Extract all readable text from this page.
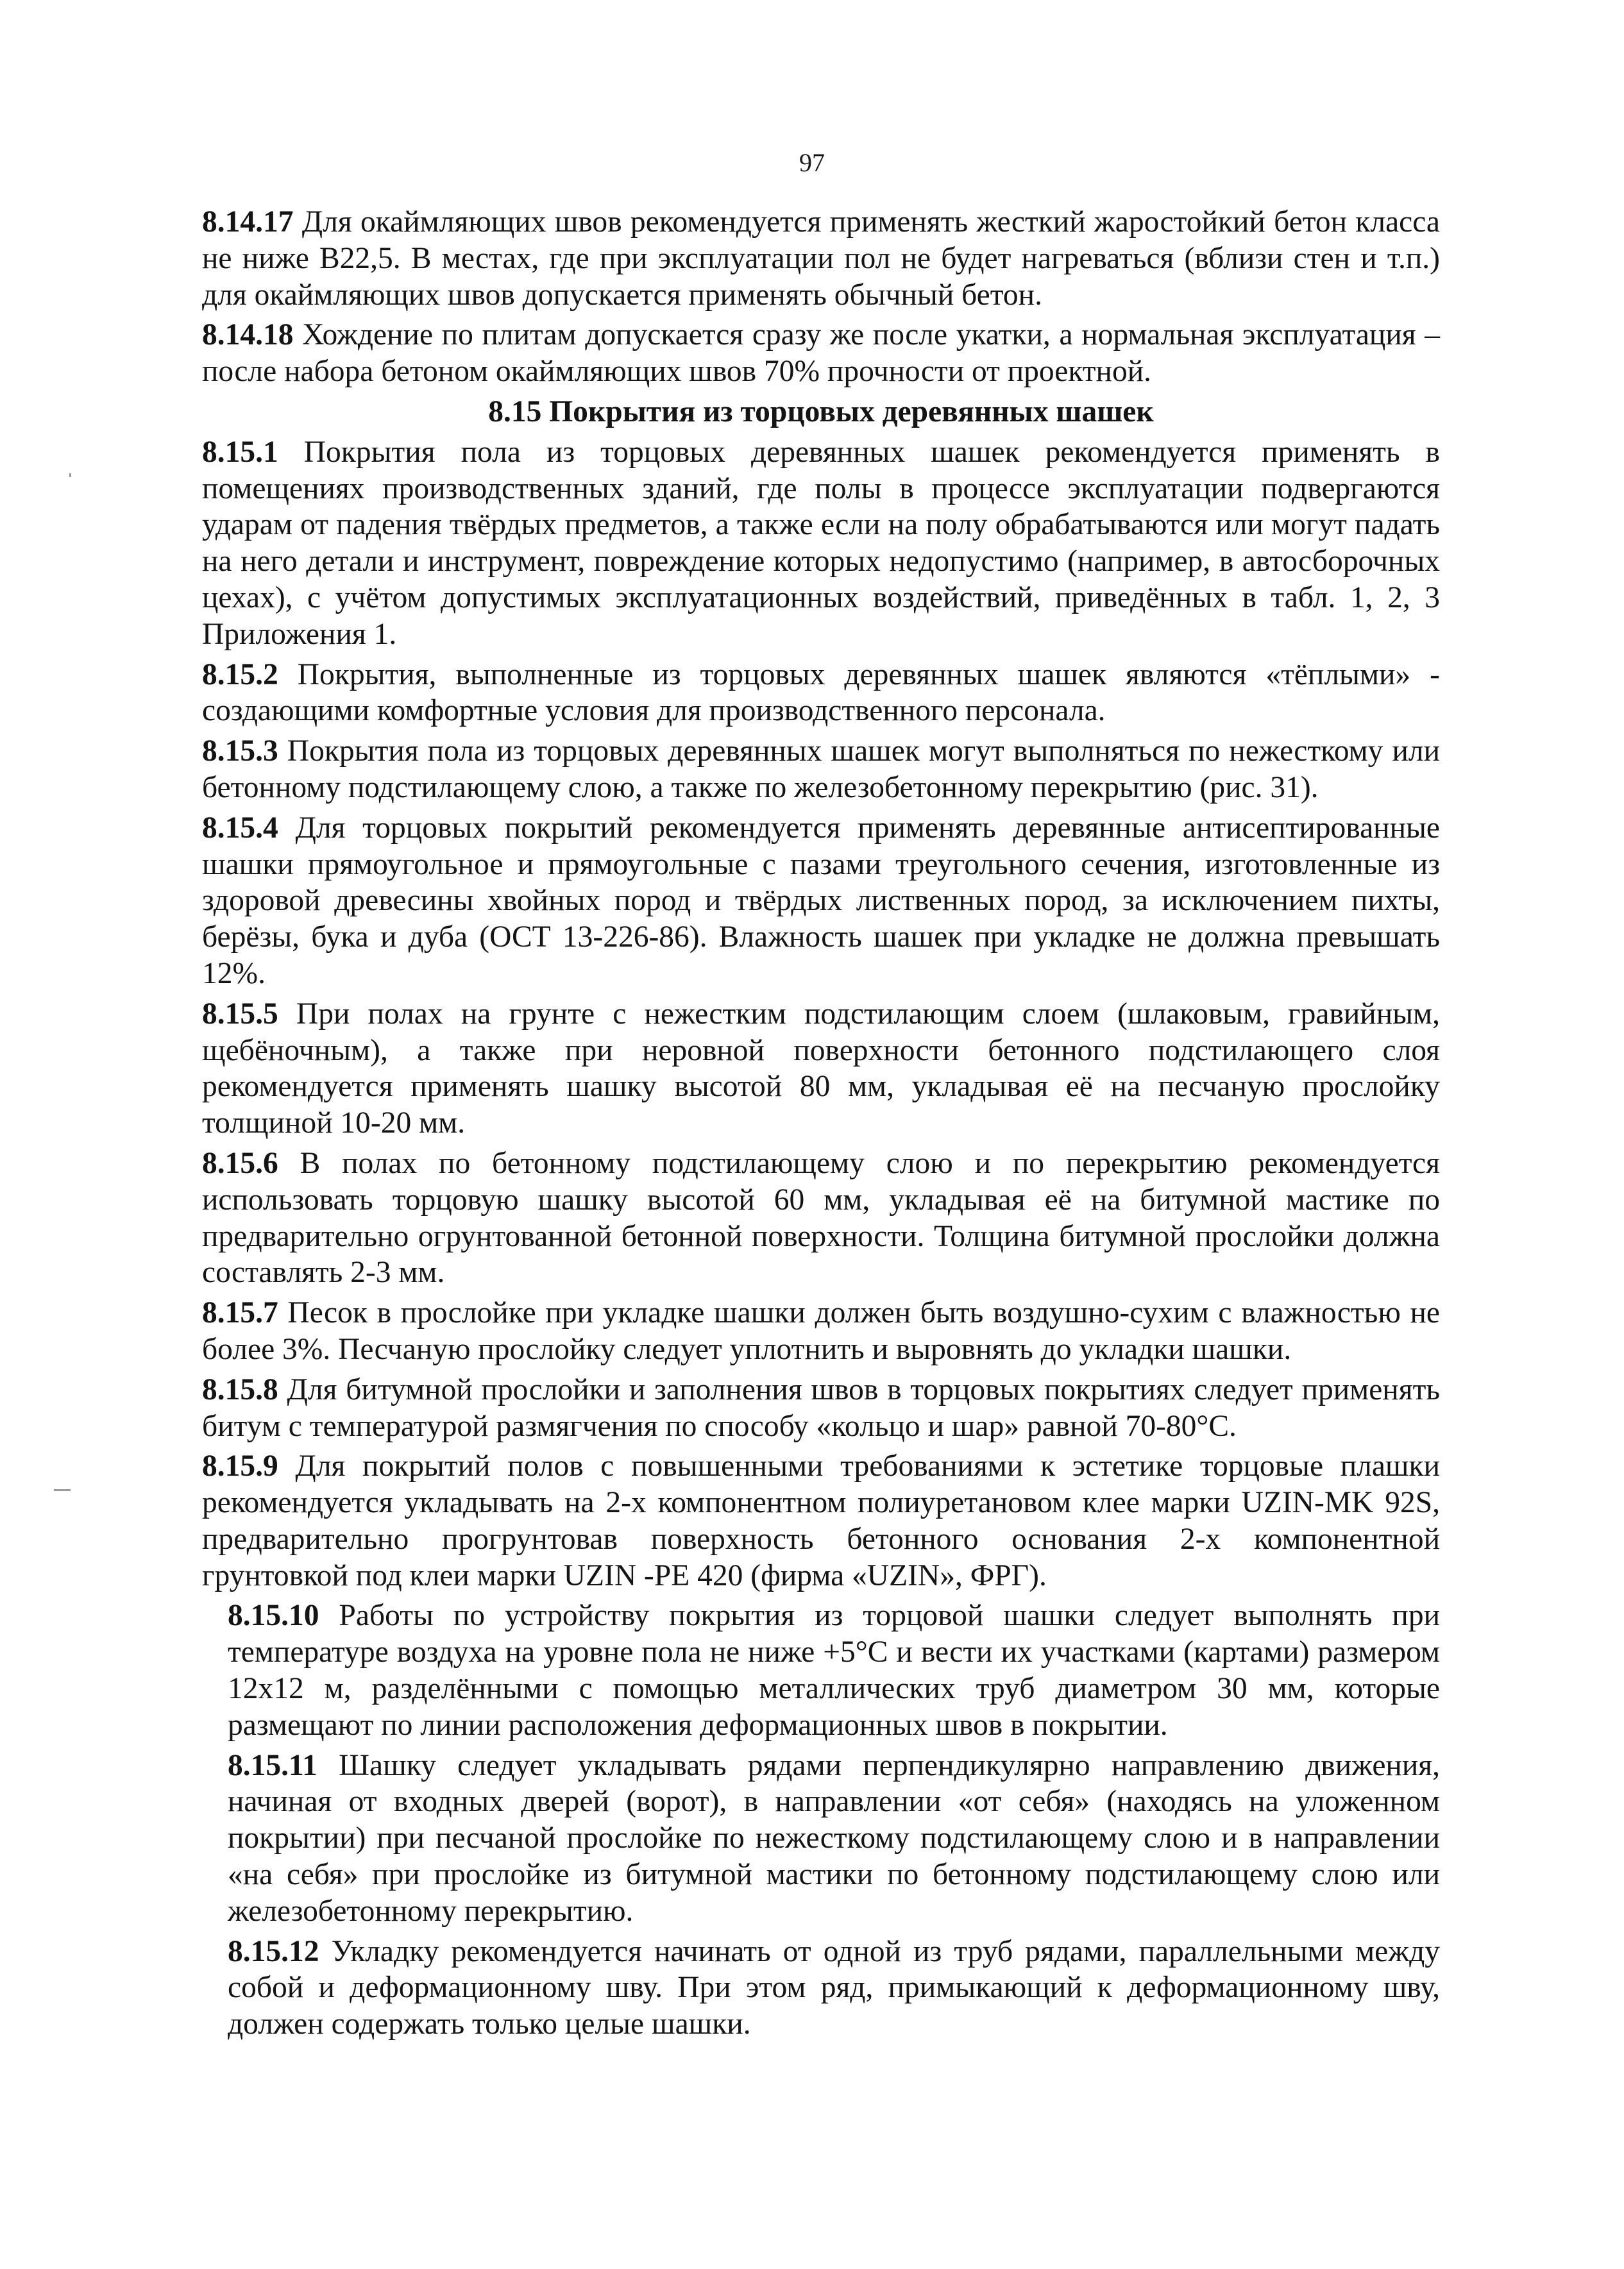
97

8.14.17 Для окаймляющих швов рекомендуется применять жесткий жаростойкий бетон класса не ниже В22,5. В местах, где при эксплуатации пол не будет нагреваться (вблизи стен и т.п.) для окаймляющих швов допускается применять обычный бетон.

8.14.18 Хождение по плитам допускается сразу же после укатки, а нормальная эксплуатация – после набора бетоном окаймляющих швов 70% прочности от проектной.

8.15 Покрытия из торцовых деревянных шашек

8.15.1 Покрытия пола из торцовых деревянных шашек рекомендуется применять в помещениях производственных зданий, где полы в процессе эксплуатации подвергаются ударам от падения твёрдых предметов, а также если на полу обрабатываются или могут падать на него детали и инструмент, повреждение которых недопустимо (например, в автосборочных цехах), с учётом допустимых эксплуатационных воздействий, приведённых в табл. 1, 2, 3 Приложения 1.

8.15.2 Покрытия, выполненные из торцовых деревянных шашек являются «тёплыми» - создающими комфортные условия для производственного персонала.

8.15.3 Покрытия пола из торцовых деревянных шашек могут выполняться по нежесткому или бетонному подстилающему слою, а также по железобетонному перекрытию (рис. 31).

8.15.4 Для торцовых покрытий рекомендуется применять деревянные антисептированные шашки прямоугольное и прямоугольные с пазами треугольного сечения, изготовленные из здоровой древесины хвойных пород и твёрдых лиственных пород, за исключением пихты, берёзы, бука и дуба (ОСТ 13-226-86). Влажность шашек при укладке не должна превышать 12%.

8.15.5 При полах на грунте с нежестким подстилающим слоем (шлаковым, гравийным, щебёночным), а также при неровной поверхности бетонного подстилающего слоя рекомендуется применять шашку высотой 80 мм, укладывая её на песчаную прослойку толщиной 10-20 мм.

8.15.6 В полах по бетонному подстилающему слою и по перекрытию рекомендуется использовать торцовую шашку высотой 60 мм, укладывая её на битумной мастике по предварительно огрунтованной бетонной поверхности. Толщина битумной прослойки должна составлять 2-3 мм.

8.15.7 Песок в прослойке при укладке шашки должен быть воздушно-сухим с влажностью не более 3%. Песчаную прослойку следует уплотнить и выровнять до укладки шашки.

8.15.8 Для битумной прослойки и заполнения швов в торцовых покрытиях следует применять битум с температурой размягчения по способу «кольцо и шар» равной 70-80°С.

8.15.9 Для покрытий полов с повышенными требованиями к эстетике торцовые плашки рекомендуется укладывать на 2-х компонентном полиуретановом клее марки UZIN-MK 92S, предварительно прогрунтовав поверхность бетонного основания 2-х компонентной грунтовкой под клеи марки UZIN -PE 420 (фирма «UZIN», ФРГ).

8.15.10 Работы по устройству покрытия из торцовой шашки следует выполнять при температуре воздуха на уровне пола не ниже +5°С и вести их участками (картами) размером 12х12 м, разделёнными с помощью металлических труб диаметром 30 мм, которые размещают по линии расположения деформационных швов в покрытии.

8.15.11 Шашку следует укладывать рядами перпендикулярно направлению движения, начиная от входных дверей (ворот), в направлении «от себя» (находясь на уложенном покрытии) при песчаной прослойке по нежесткому подстилающему слою и в направлении «на себя» при прослойке из битумной мастики по бетонному подстилающему слою или железобетонному перекрытию.

8.15.12 Укладку рекомендуется начинать от одной из труб рядами, параллельными между собой и деформационному шву. При этом ряд, примыкающий к деформационному шву, должен содержать только целые шашки.
